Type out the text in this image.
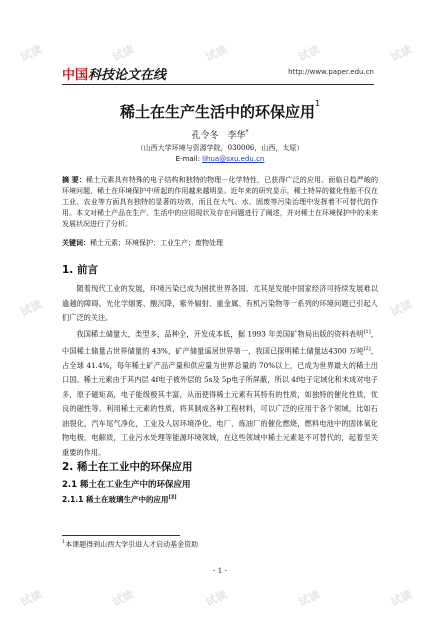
试读	试读	试读	试读	试读
试读	试读
试读	试读	试读	试读	试读
中国科技论文在线	http://www.paper.edu.cn
稀土在生产生活中的环保应用$^1$
孔令冬　李华*
（山西大学环境与资源学院，030006，山西，太原）
E-mail: lihua@sxu.edu.cn
摘 要：稀土元素具有特殊的电子结构和独特的物理－化学特性，已获得广泛的应用。面临日趋严峻的环境问题，稀土在环境保护中所起的作用越来越明显。近年来的研究显示，稀土特异的催化性能不仅在工业、农业等方面具有独特的显著的功效，而且在大气、水、固废等污染治理中发挥着不可替代的作用。本文对稀土产品在生产、生活中的应用现状及存在问题进行了阐述，并对稀土在环境保护中的未来发展状况进行了分析。
关键词：稀土元素；环境保护；工业生产；废物处理
1. 前言
随着现代工业的发展，环境污染已成为困扰世界各国、尤其是发展中国家经济可持续发展难以逾越的障碍。光化学烟雾、酸沉降，紫外辐射、重金属、有机污染物等一系列的环境问题已引起人们广泛的关注。
我国稀土储量大，类型多，品种全，开发成本低，据 1993 年美国矿物局出版的资料表明[1]，中国稀土储量占世界储量的 43%，矿产储量遥居世界第一，我国已探明稀土储量达4300 万吨[2]，占全球 41.4%，每年稀土矿产品产量和供应量为世界总量的 70%以上，已成为世界最大的稀土出口国。稀土元素由于其内层 4f电子被外层的 5s及 5p电子所屏蔽，所以 4f电子定域化和未成对电子多，原子磁矩高，电子能级极其丰富，从而使得稀土元素有其特有的性质，如独特的催化性质，优良的磁性等。利用稀土元素的性质，将其制成各种工程材料，可以广泛的应用于各个领域，比如石油裂化，汽车尾气净化，工业及人居环境净化，电厂、炼油厂的催化燃烧，燃料电池中的固体氧化物电极、电解质，工业污水处理等能源环境领域，在这些领域中稀土元素是不可替代的，起着至关重要的作用。
2. 稀土在工业中的环保应用
2.1 稀土在工业生产中的环保应用
2.1.1 稀土在玻璃生产中的应用[3]
$^1$本课题得到山西大学引进人才启动基金资助
- 1 -
